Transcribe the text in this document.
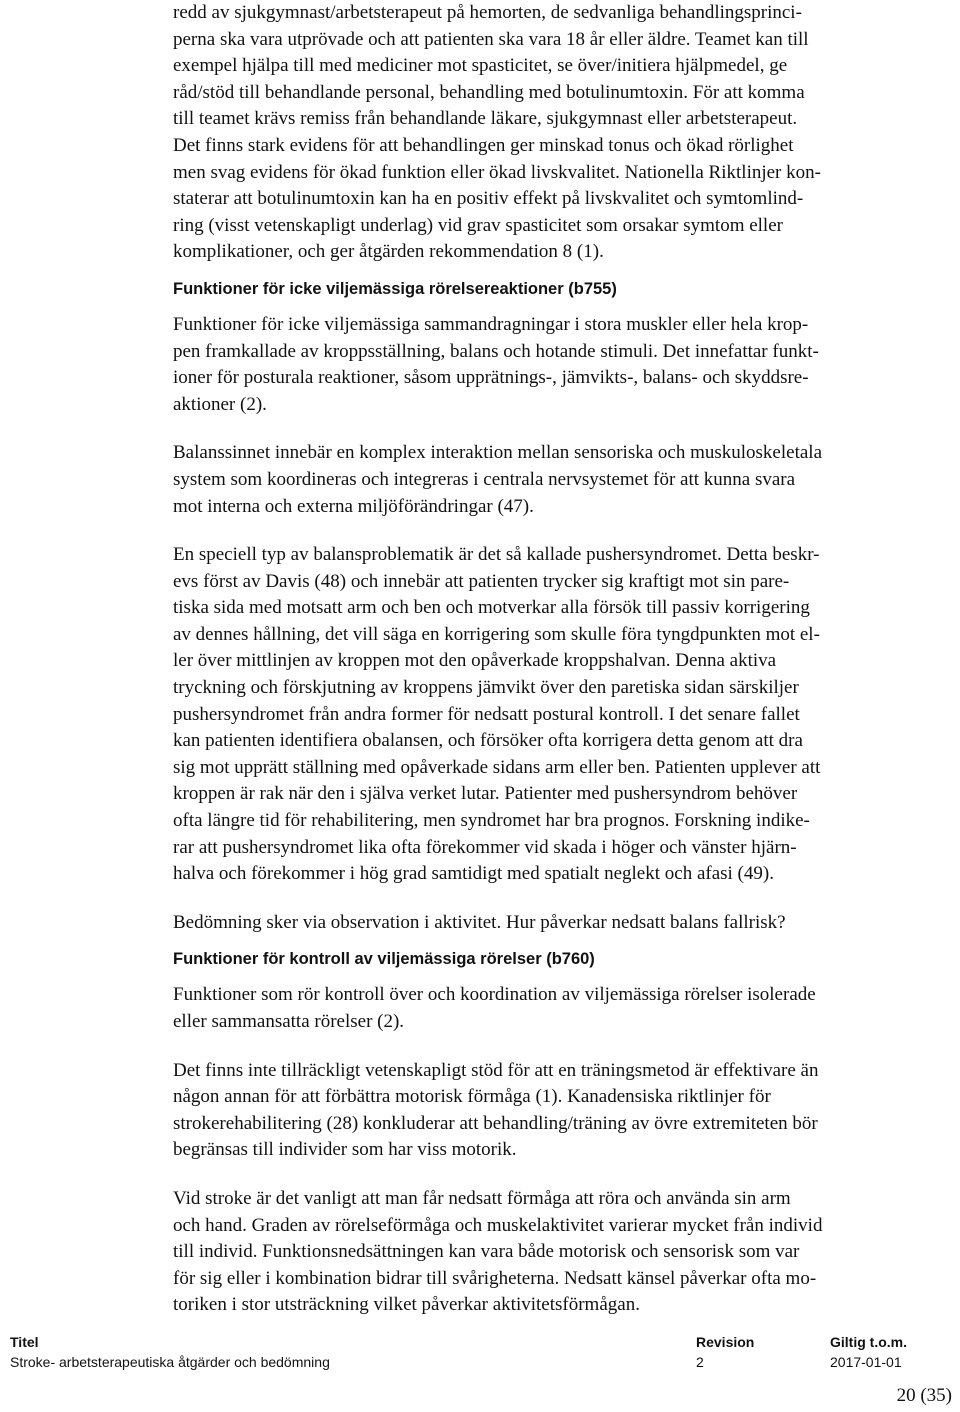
redd av sjukgymnast/arbetsterapeut på hemorten, de sedvanliga behandlingsprinci-
perna ska vara utprövade och att patienten ska vara 18 år eller äldre. Teamet kan till
exempel hjälpa till med mediciner mot spasticitet, se över/initiera hjälpmedel, ge
råd/stöd till behandlande personal, behandling med botulinumtoxin. För att komma
till teamet krävs remiss från behandlande läkare, sjukgymnast eller arbetsterapeut.
Det finns stark evidens för att behandlingen ger minskad tonus och ökad rörlighet
men svag evidens för ökad funktion eller ökad livskvalitet. Nationella Riktlinjer kon-
staterar att botulinumtoxin kan ha en positiv effekt på livskvalitet och symtomlind-
ring (visst vetenskapligt underlag) vid grav spasticitet som orsakar symtom eller
komplikationer, och ger åtgärden rekommendation 8 (1).

Funktioner för icke viljemässiga rörelsereaktioner (b755)

Funktioner för icke viljemässiga sammandragningar i stora muskler eller hela krop-
pen framkallade av kroppsställning, balans och hotande stimuli. Det innefattar funkt-
ioner för posturala reaktioner, såsom upprätnings-, jämvikts-, balans- och skyddsre-
aktioner (2).

Balanssinnet innebär en komplex interaktion mellan sensoriska och muskuloskeletala
system som koordineras och integreras i centrala nervsystemet för att kunna svara
mot interna och externa miljöförändringar (47).

En speciell typ av balansproblematik är det så kallade pushersyndromet. Detta beskr-
evs först av Davis (48) och innebär att patienten trycker sig kraftigt mot sin pare-
tiska sida med motsatt arm och ben och motverkar alla försök till passiv korrigering
av dennes hållning, det vill säga en korrigering som skulle föra tyngdpunkten mot el-
ler över mittlinjen av kroppen mot den opåverkade kroppshalvan. Denna aktiva
tryckning och förskjutning av kroppens jämvikt över den paretiska sidan särskiljer
pushersyndromet från andra former för nedsatt postural kontroll. I det senare fallet
kan patienten identifiera obalansen, och försöker ofta korrigera detta genom att dra
sig mot upprätt ställning med opåverkade sidans arm eller ben. Patienten upplever att
kroppen är rak när den i själva verket lutar. Patienter med pushersyndrom behöver
ofta längre tid för rehabilitering, men syndromet har bra prognos. Forskning indike-
rar att pushersyndromet lika ofta förekommer vid skada i höger och vänster hjärn-
halva och förekommer i hög grad samtidigt med spatialt neglekt och afasi (49).

Bedömning sker via observation i aktivitet. Hur påverkar nedsatt balans fallrisk?

Funktioner för kontroll av viljemässiga rörelser (b760)

Funktioner som rör kontroll över och koordination av viljemässiga rörelser isolerade
eller sammansatta rörelser (2).

Det finns inte tillräckligt vetenskapligt stöd för att en träningsmetod är effektivare än
någon annan för att förbättra motorisk förmåga (1). Kanadensiska riktlinjer för
strokerehabilitering (28) konkluderar att behandling/träning av övre extremiteten bör
begränsas till individer som har viss motorik.

Vid stroke är det vanligt att man får nedsatt förmåga att röra och använda sin arm
och hand. Graden av rörelseförmåga och muskelaktivitet varierar mycket från individ
till individ. Funktionsnedsättningen kan vara både motorisk och sensorisk som var
för sig eller i kombination bidrar till svårigheterna. Nedsatt känsel påverkar ofta mo-
toriken i stor utsträckning vilket påverkar aktivitetsförmågan.

Titel
Stroke- arbetsterapeutiska åtgärder och bedömning
Revision
2
Giltig t.o.m.
2017-01-01
20 (35)
